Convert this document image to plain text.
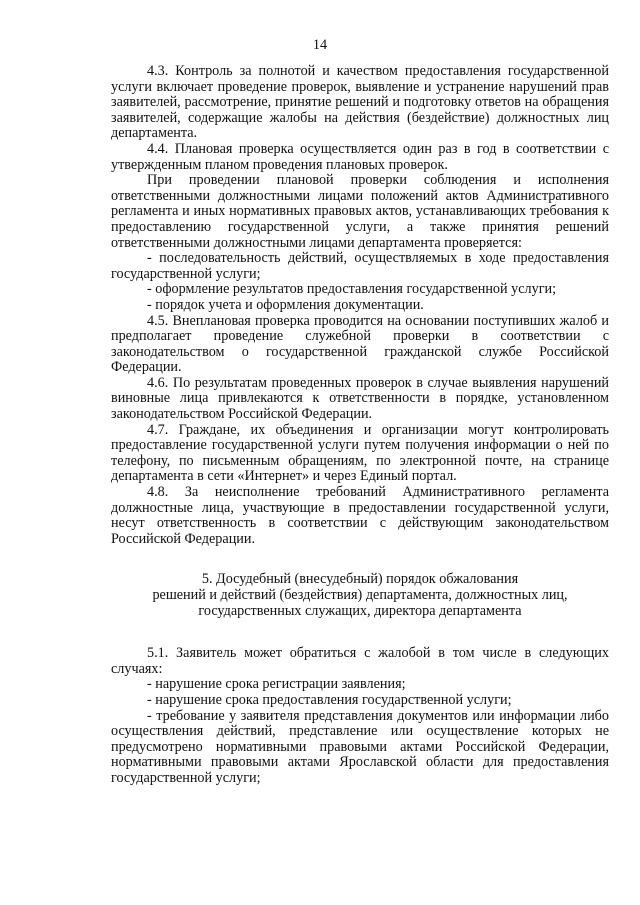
14

4.3. Контроль за полнотой и качеством предоставления государственной услуги включает проведение проверок, выявление и устранение нарушений прав заявителей, рассмотрение, принятие решений и подготовку ответов на обращения заявителей, содержащие жалобы на действия (бездействие) должностных лиц департамента.

4.4. Плановая проверка осуществляется один раз в год в соответствии с утвержденным планом проведения плановых проверок.

При проведении плановой проверки соблюдения и исполнения ответственными должностными лицами положений актов Административного регламента и иных нормативных правовых актов, устанавливающих требования к предоставлению государственной услуги, а также принятия решений ответственными должностными лицами департамента проверяется:

- последовательность действий, осуществляемых в ходе предоставления государственной услуги;

- оформление результатов предоставления государственной услуги;

- порядок учета и оформления документации.

4.5. Внеплановая проверка проводится на основании поступивших жалоб и предполагает проведение служебной проверки в соответствии с законодательством о государственной гражданской службе Российской Федерации.

4.6. По результатам проведенных проверок в случае выявления нарушений виновные лица привлекаются к ответственности в порядке, установленном законодательством Российской Федерации.

4.7. Граждане, их объединения и организации могут контролировать предоставление государственной услуги путем получения информации о ней по телефону, по письменным обращениям, по электронной почте, на странице департамента в сети «Интернет» и через Единый портал.

4.8. За неисполнение требований Административного регламента должностные лица, участвующие в предоставлении государственной услуги, несут ответственность в соответствии с действующим законодательством Российской Федерации.

5. Досудебный (внесудебный) порядок обжалования
решений и действий (бездействия) департамента, должностных лиц,
государственных служащих, директора департамента

5.1. Заявитель может обратиться с жалобой в том числе в следующих случаях:

- нарушение срока регистрации заявления;

- нарушение срока предоставления государственной услуги;

- требование у заявителя представления документов или информации либо осуществления действий, представление или осуществление которых не предусмотрено нормативными правовыми актами Российской Федерации, нормативными правовыми актами Ярославской области для предоставления государственной услуги;
